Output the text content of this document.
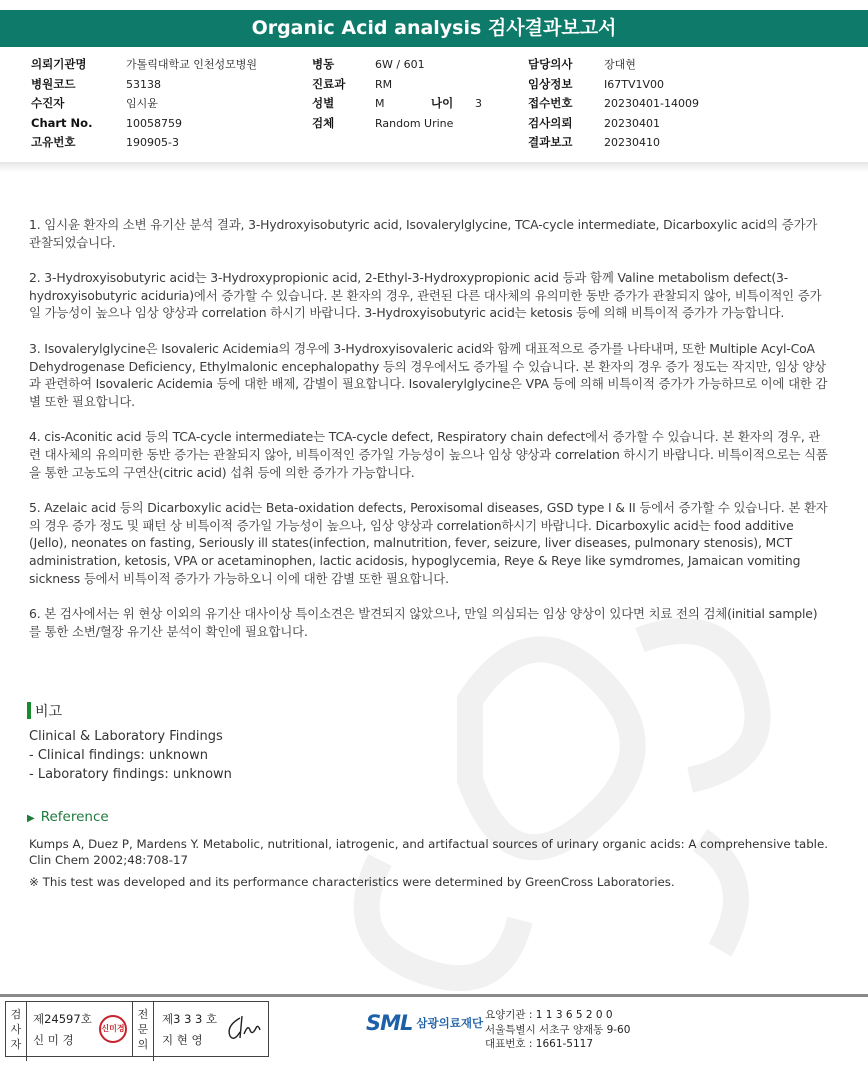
Organic Acid analysis 검사결과보고서
의뢰기관명	가톨릭대학교 인천성모병원
병원코드	53138
수진자	임시윤
Chart No.	10058759
고유번호	190905-3
병동	6W / 601
진료과	RM
성별	M	나이 3
검체	Random Urine
담당의사	장대현
임상정보	I67TV1V00
접수번호	20230401-14009
검사의뢰	20230401
결과보고	20230410

1. 임시윤 환자의 소변 유기산 분석 결과, 3-Hydroxyisobutyric acid, Isovalerylglycine, TCA-cycle intermediate, Dicarboxylic acid의 증가가 관찰되었습니다.

2. 3-Hydroxyisobutyric acid는 3-Hydroxypropionic acid, 2-Ethyl-3-Hydroxypropionic acid 등과 함께 Valine metabolism defect(3-hydroxyisobutyric aciduria)에서 증가할 수 있습니다. 본 환자의 경우, 관련된 다른 대사체의 유의미한 동반 증가가 관찰되지 않아, 비특이적인 증가일 가능성이 높으나 임상 양상과 correlation 하시기 바랍니다. 3-Hydroxyisobutyric acid는 ketosis 등에 의해 비특이적 증가가 가능합니다.

3. Isovalerylglycine은 Isovaleric Acidemia의 경우에 3-Hydroxyisovaleric acid와 함께 대표적으로 증가를 나타내며, 또한 Multiple Acyl-CoA Dehydrogenase Deficiency, Ethylmalonic encephalopathy 등의 경우에서도 증가될 수 있습니다. 본 환자의 경우 증가 정도는 작지만, 임상 양상과 관련하여 Isovaleric Acidemia 등에 대한 배제, 감별이 필요합니다. Isovalerylglycine은 VPA 등에 의해 비특이적 증가가 가능하므로 이에 대한 감별 또한 필요합니다.

4. cis-Aconitic acid 등의 TCA-cycle intermediate는 TCA-cycle defect, Respiratory chain defect에서 증가할 수 있습니다. 본 환자의 경우, 관련 대사체의 유의미한 동반 증가는 관찰되지 않아, 비특이적인 증가일 가능성이 높으나 임상 양상과 correlation 하시기 바랍니다. 비특이적으로는 식품을 통한 고농도의 구연산(citric acid) 섭취 등에 의한 증가가 가능합니다.

5. Azelaic acid 등의 Dicarboxylic acid는 Beta-oxidation defects, Peroxisomal diseases, GSD type I & II 등에서 증가할 수 있습니다. 본 환자의 경우 증가 정도 및 패턴 상 비특이적 증가일 가능성이 높으나, 임상 양상과 correlation하시기 바랍니다. Dicarboxylic acid는 food additive (Jello), neonates on fasting, Seriously ill states(infection, malnutrition, fever, seizure, liver diseases, pulmonary stenosis), MCT administration, ketosis, VPA or acetaminophen, lactic acidosis, hypoglycemia, Reye & Reye like symdromes, Jamaican vomiting sickness 등에서 비특이적 증가가 가능하오니 이에 대한 감별 또한 필요합니다.

6. 본 검사에서는 위 현상 이외의 유기산 대사이상 특이소견은 발견되지 않았으나, 만일 의심되는 임상 양상이 있다면 치료 전의 검체(initial sample)를 통한 소변/혈장 유기산 분석이 확인에 필요합니다.

비고
Clinical & Laboratory Findings
- Clinical findings: unknown
- Laboratory findings: unknown
▶ Reference
Kumps A, Duez P, Mardens Y. Metabolic, nutritional, iatrogenic, and artifactual sources of urinary organic acids: A comprehensive table. Clin Chem 2002;48:708-17
※ This test was developed and its performance characteristics were determined by GreenCross Laboratories.
검
사
자
제24597호
신 미 경
신미경
전
문
의
제3 3 3 호
지 현 영
SML 삼광의료재단
요양기관 : 1 1 3 6 5 2 0 0
서울특별시 서초구 양재동 9-60
대표번호 : 1661-5117
